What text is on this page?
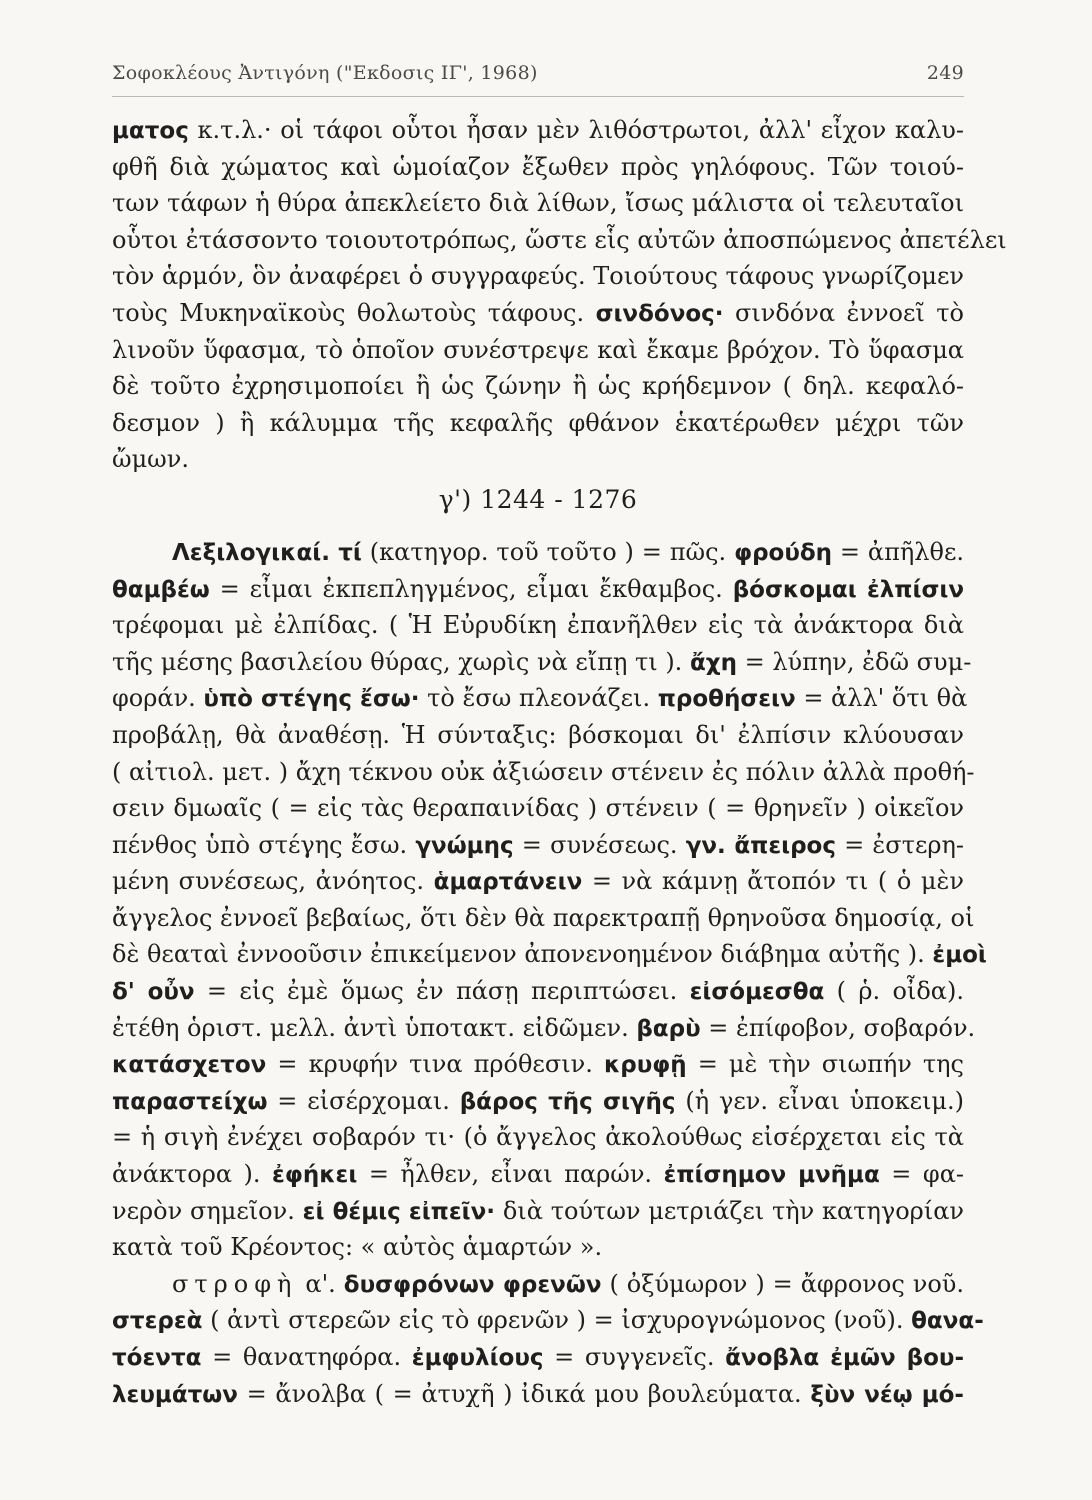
Σοφοκλέους Ἀντιγόνη ("Εκδοσις ΙΓ', 1968)	249
ματος κ.τ.λ.· οἱ τάφοι οὗτοι ἦσαν μὲν λιθόστρωτοι, ἀλλ' εἶχον καλυ-
φθῆ διὰ χώματος καὶ ὡμοίαζον ἔξωθεν πρὸς γηλόφους. Τῶν τοιού-
των τάφων ἡ θύρα ἀπεκλείετο διὰ λίθων, ἴσως μάλιστα οἱ τελευταῖοι
οὗτοι ἐτάσσοντο τοιουτοτρόπως, ὥστε εἷς αὐτῶν ἀποσπώμενος ἀπετέλει
τὸν ἁρμόν, ὃν ἀναφέρει ὁ συγγραφεύς. Τοιούτους τάφους γνωρίζομεν
τοὺς Μυκηναϊκοὺς θολωτοὺς τάφους. σινδόνος· σινδόνα ἐννοεῖ τὸ
λινοῦν ὕφασμα, τὸ ὁποῖον συνέστρεψε καὶ ἔκαμε βρόχον. Τὸ ὕφασμα
δὲ τοῦτο ἐχρησιμοποίει ἢ ὡς ζώνην ἢ ὡς κρήδεμνον ( δηλ. κεφαλό-
δεσμον ) ἢ κάλυμμα τῆς κεφαλῆς φθάνον ἑκατέρωθεν μέχρι τῶν
ὤμων.
γ') 1244 - 1276
Λεξιλογικαί. τί (κατηγορ. τοῦ τοῦτο ) = πῶς. φρούδη = ἀπῆλθε.
θαμβέω = εἶμαι ἐκπεπληγμένος, εἶμαι ἔκθαμβος. βόσκομαι ἐλπίσιν
τρέφομαι μὲ ἐλπίδας. ( Ἡ Εὐρυδίκη ἐπανῆλθεν εἰς τὰ ἀνάκτορα διὰ
τῆς μέσης βασιλείου θύρας, χωρὶς νὰ εἴπῃ τι ). ἄχη = λύπην, ἐδῶ συμ-
φοράν. ὑπὸ στέγης ἔσω· τὸ ἔσω πλεονάζει. προθήσειν = ἀλλ' ὅτι θὰ
προβάλῃ, θὰ ἀναθέσῃ. Ἡ σύνταξις: βόσκομαι δι' ἐλπίσιν κλύουσαν
( αἰτιολ. μετ. ) ἄχη τέκνου οὐκ ἀξιώσειν στένειν ἐς πόλιν ἀλλὰ προθή-
σειν δμωαῖς ( = εἰς τὰς θεραπαινίδας ) στένειν ( = θρηνεῖν ) οἰκεῖον
πένθος ὑπὸ στέγης ἔσω. γνώμης = συνέσεως. γν. ἄπειρος = ἐστερη-
μένη συνέσεως, ἀνόητος. ἁμαρτάνειν = νὰ κάμνῃ ἄτοπόν τι ( ὁ μὲν
ἄγγελος ἐννοεῖ βεβαίως, ὅτι δὲν θὰ παρεκτραπῇ θρηνοῦσα δημοσίᾳ, οἱ
δὲ θεαταὶ ἐννοοῦσιν ἐπικείμενον ἀπονενοημένον διάβημα αὐτῆς ). ἐμοὶ
δ' οὖν = εἰς ἐμὲ ὅμως ἐν πάσῃ περιπτώσει. εἰσόμεσθα ( ῥ. οἶδα).
ἐτέθη ὁριστ. μελλ. ἀντὶ ὑποτακτ. εἰδῶμεν. βαρὺ = ἐπίφοβον, σοβαρόν.
κατάσχετον = κρυφήν τινα πρόθεσιν. κρυφῇ = μὲ τὴν σιωπήν της
παραστείχω = εἰσέρχομαι. βάρος τῆς σιγῆς (ἡ γεν. εἶναι ὑποκειμ.)
= ἡ σιγὴ ἐνέχει σοβαρόν τι· (ὁ ἄγγελος ἀκολούθως εἰσέρχεται εἰς τὰ
ἀνάκτορα ). ἐφήκει = ἦλθεν, εἶναι παρών. ἐπίσημον μνῆμα = φα-
νερὸν σημεῖον. εἰ θέμις εἰπεῖν· διὰ τούτων μετριάζει τὴν κατηγορίαν
κατὰ τοῦ Κρέοντος: « αὐτὸς ἁμαρτών ».
στροφὴ α'. δυσφρόνων φρενῶν ( ὀξύμωρον ) = ἄφρονος νοῦ.
στερεὰ ( ἀντὶ στερεῶν εἰς τὸ φρενῶν ) = ἰσχυρογνώμονος (νοῦ). θανα-
τόεντα = θανατηφόρα. ἐμφυλίους = συγγενεῖς. ἄνοβλα ἐμῶν βου-
λευμάτων = ἄνολβα ( = ἀτυχῆ ) ἰδικά μου βουλεύματα. ξὺν νέῳ μό-
